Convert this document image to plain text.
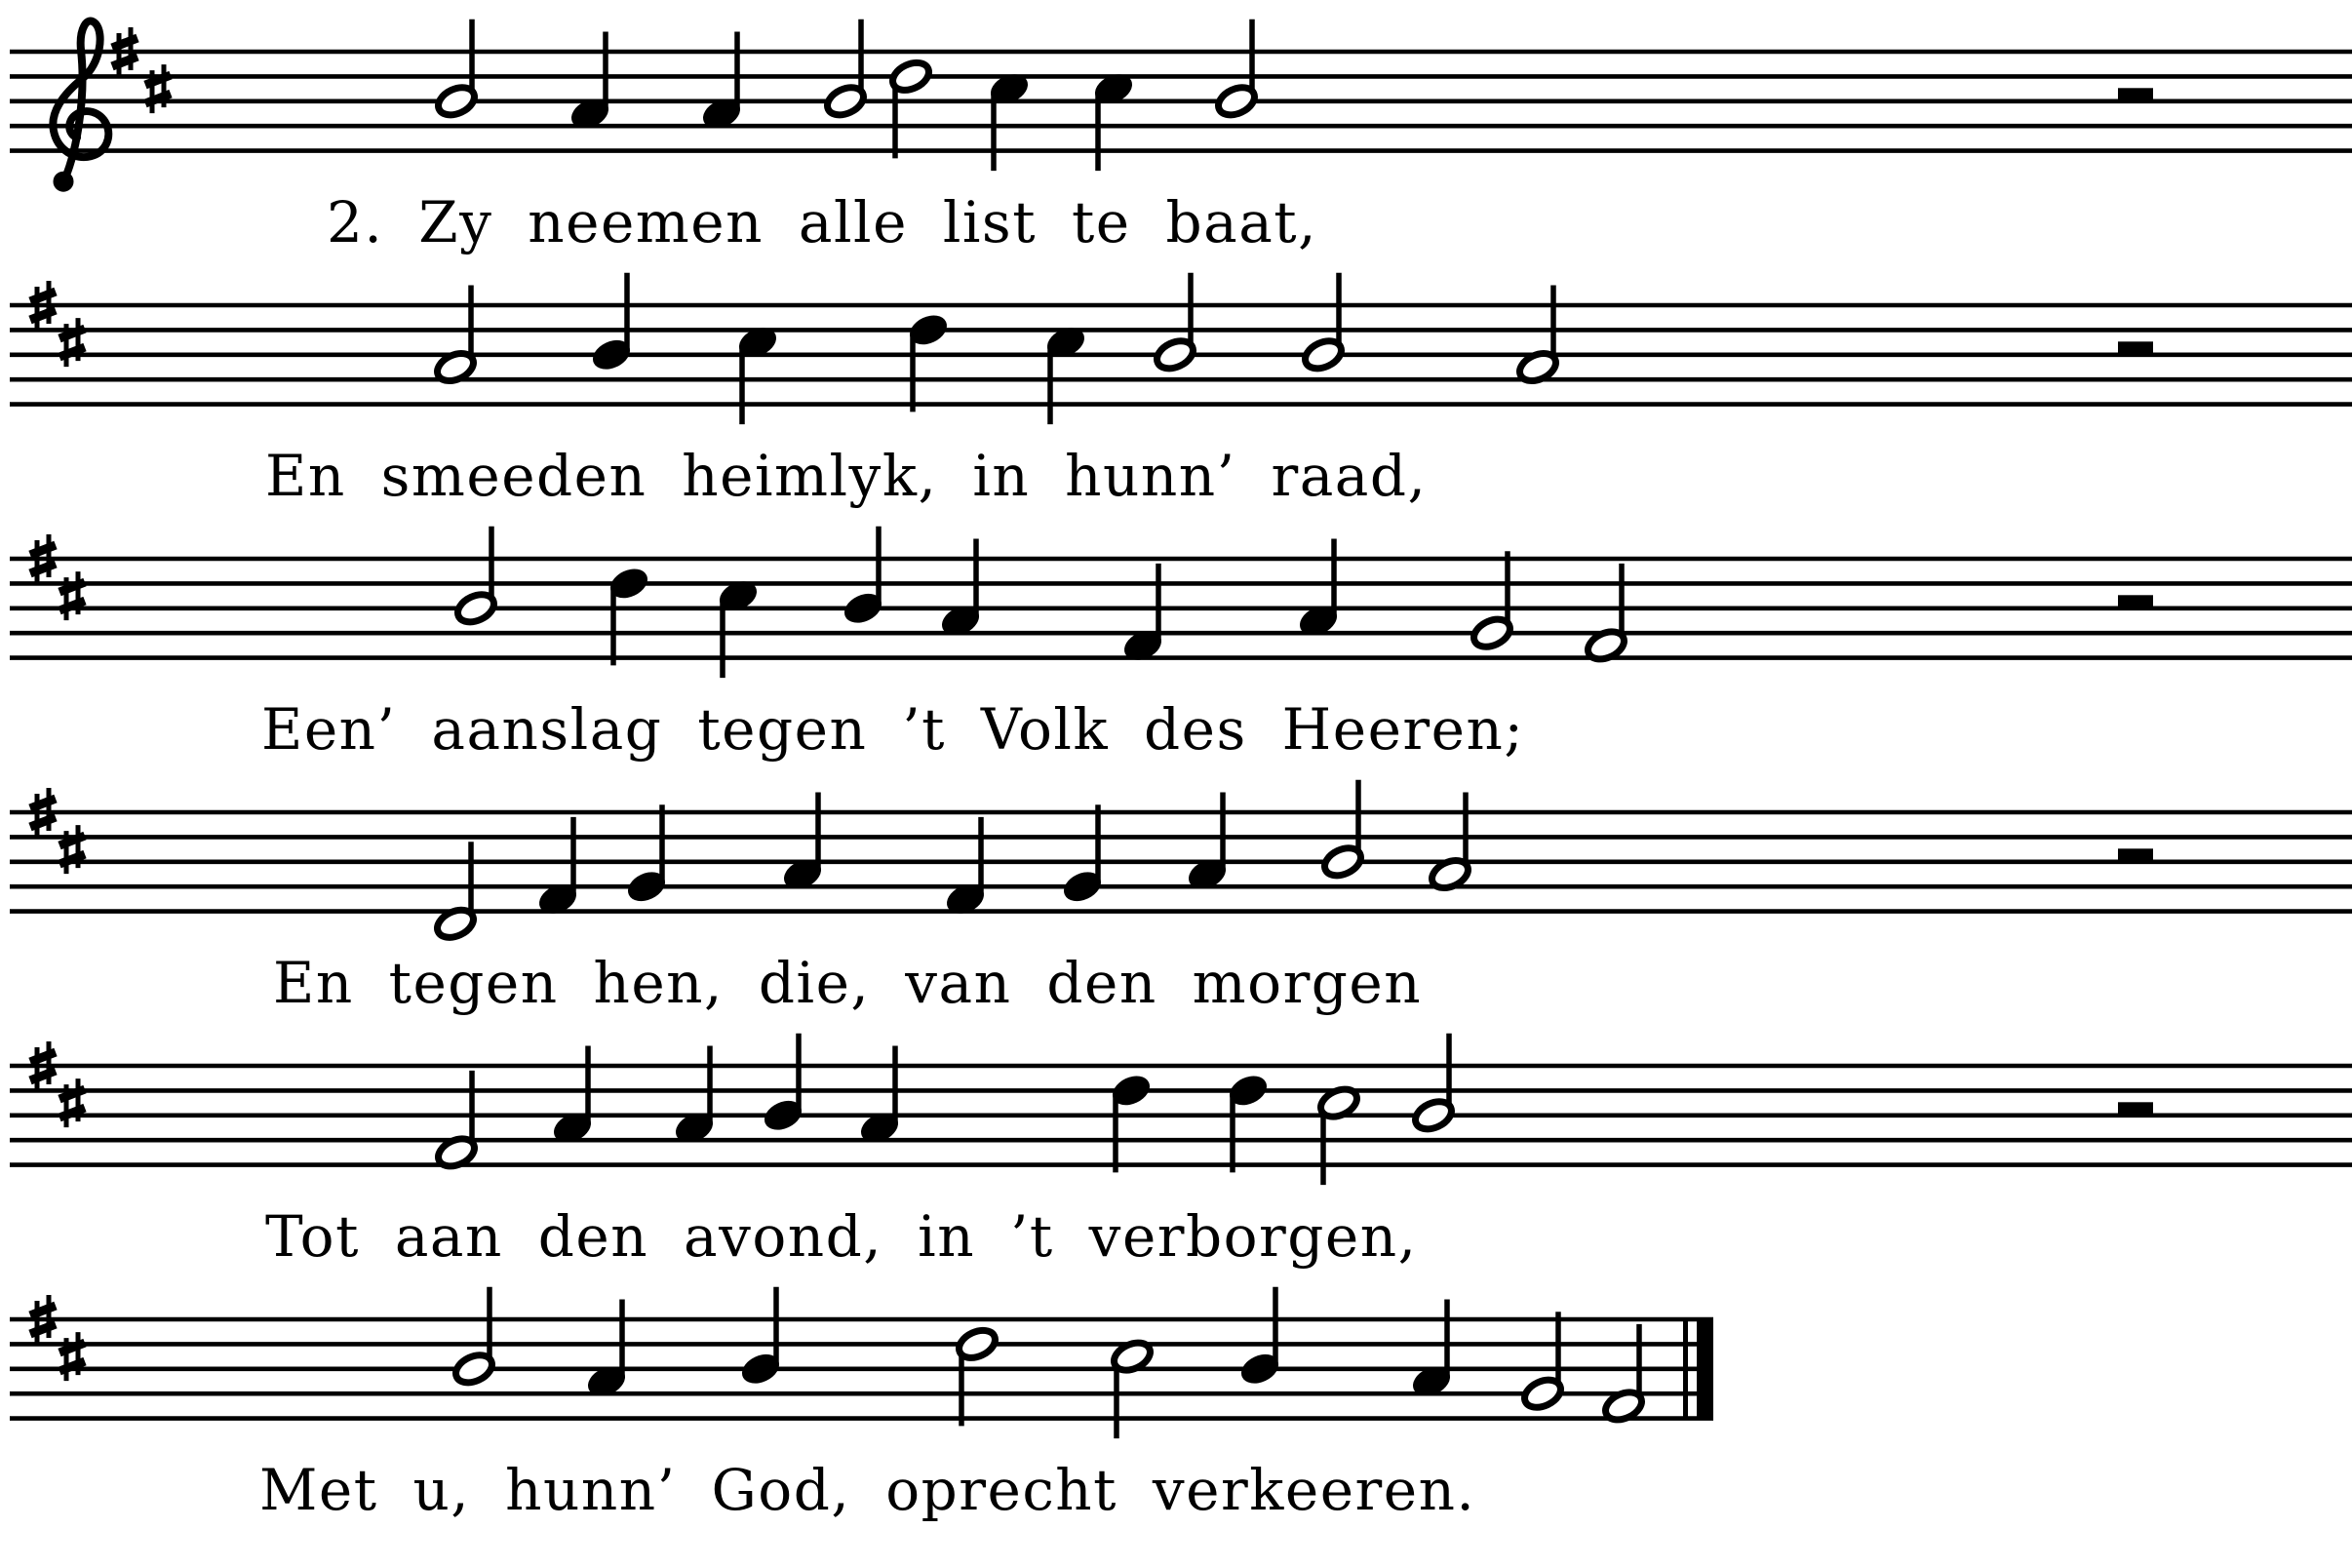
2. Zy neemen alle list te baat,
En smeeden heimlyk, in hunn’ raad,
Een’ aanslag tegen ’t Volk des Heeren;
En tegen hen, die, van den morgen
Tot aan den avond, in ’t verborgen,
Met u, hunn’ God, oprecht verkeeren.
